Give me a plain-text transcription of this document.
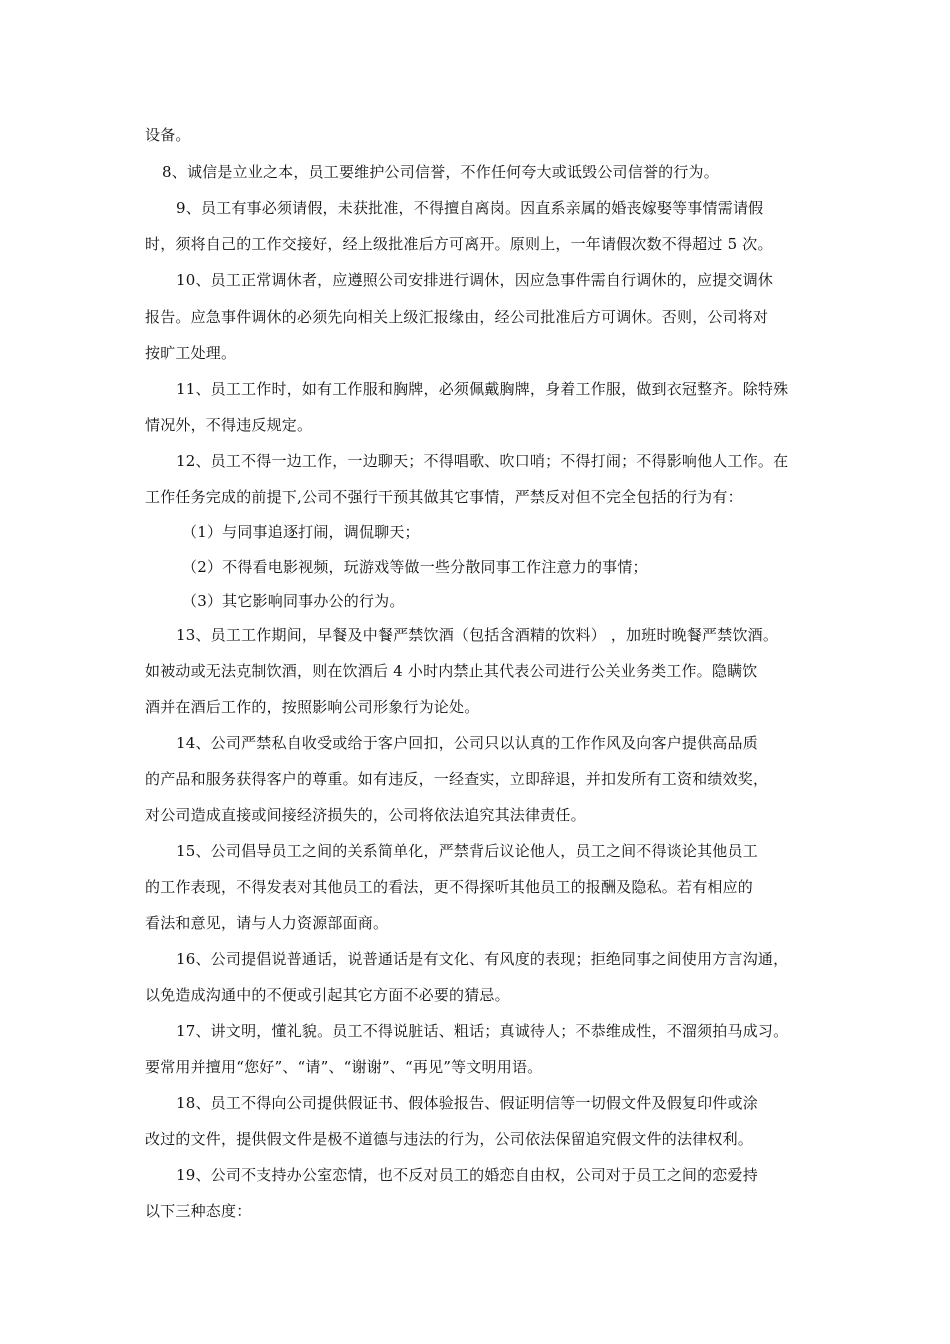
设备。
8、诚信是立业之本，员工要维护公司信誉，不作任何夸大或诋毁公司信誉的行为。
9、员工有事必须请假，未获批准，不得擅自离岗。因直系亲属的婚丧嫁娶等事情需请假
时，须将自己的工作交接好，经上级批准后方可离开。原则上，一年请假次数不得超过 5 次。
10、员工正常调休者，应遵照公司安排进行调休，因应急事件需自行调休的，应提交调休
报告。应急事件调休的必须先向相关上级汇报缘由，经公司批准后方可调休。否则，公司将对
按旷工处理。
11、员工工作时，如有工作服和胸牌，必须佩戴胸牌，身着工作服，做到衣冠整齐。除特殊
情况外，不得违反规定。
12、员工不得一边工作，一边聊天；不得唱歌、吹口哨；不得打闹；不得影响他人工作。在
工作任务完成的前提下,公司不强行干预其做其它事情，严禁反对但不完全包括的行为有：
（1）与同事追逐打闹，调侃聊天；
（2）不得看电影视频，玩游戏等做一些分散同事工作注意力的事情；
（3）其它影响同事办公的行为。
13、员工工作期间，早餐及中餐严禁饮酒（包括含酒精的饮料） ，加班时晚餐严禁饮酒。
如被动或无法克制饮酒，则在饮酒后 4 小时内禁止其代表公司进行公关业务类工作。隐瞒饮
酒并在酒后工作的，按照影响公司形象行为论处。
14、公司严禁私自收受或给于客户回扣，公司只以认真的工作作风及向客户提供高品质
的产品和服务获得客户的尊重。如有违反，一经查实，立即辞退，并扣发所有工资和绩效奖，
对公司造成直接或间接经济损失的，公司将依法追究其法律责任。
15、公司倡导员工之间的关系简单化，严禁背后议论他人，员工之间不得谈论其他员工
的工作表现，不得发表对其他员工的看法，更不得探听其他员工的报酬及隐私。若有相应的
看法和意见，请与人力资源部面商。
16、公司提倡说普通话，说普通话是有文化、有风度的表现；拒绝同事之间使用方言沟通，
以免造成沟通中的不便或引起其它方面不必要的猜忌。
17、讲文明，懂礼貌。员工不得说脏话、粗话；真诚待人；不恭维成性，不溜须拍马成习。
要常用并擅用“您好”、“请”、“谢谢”、“再见”等文明用语。
18、员工不得向公司提供假证书、假体验报告、假证明信等一切假文件及假复印件或涂
改过的文件，提供假文件是极不道德与违法的行为，公司依法保留追究假文件的法律权利。
19、公司不支持办公室恋情，也不反对员工的婚恋自由权，公司对于员工之间的恋爱持
以下三种态度：
